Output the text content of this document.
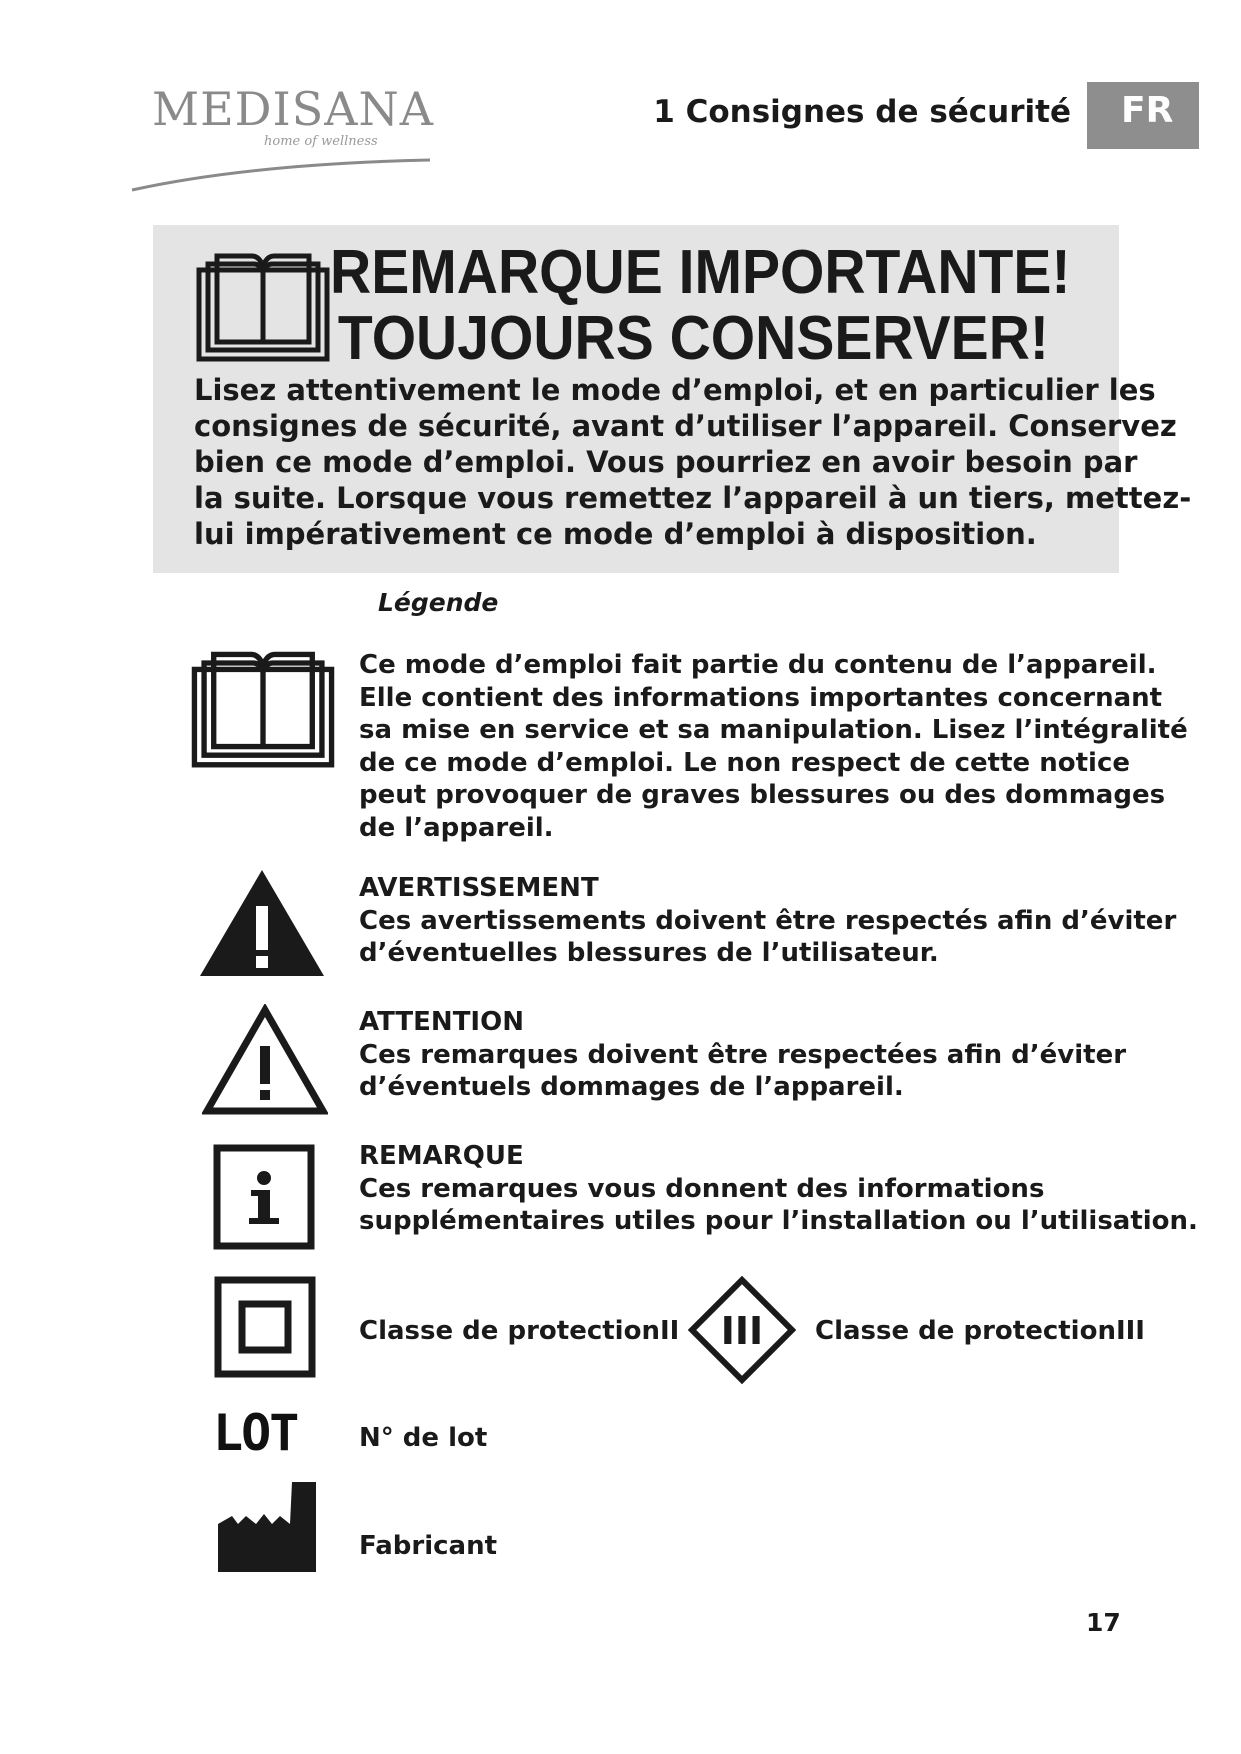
MEDISANA
home of wellness
1 Consignes de sécurité	FR
REMARQUE IMPORTANTE!
TOUJOURS CONSERVER!
Lisez attentivement le mode d’emploi, et en particulier les
consignes de sécurité, avant d’utiliser l’appareil. Conservez
bien ce mode d’emploi. Vous pourriez en avoir besoin par
la suite. Lorsque vous remettez l’appareil à un tiers, mettez-
lui impérativement ce mode d’emploi à disposition.
Légende
Ce mode d’emploi fait partie du contenu de l’appareil.
Elle contient des informations importantes concernant
sa mise en service et sa manipulation. Lisez l’intégralité
de ce mode d’emploi. Le non respect de cette notice
peut provoquer de graves blessures ou des dommages
de l’appareil.
AVERTISSEMENT
Ces avertissements doivent être respectés afin d’éviter
d’éventuelles blessures de l’utilisateur.
ATTENTION
Ces remarques doivent être respectées afin d’éviter
d’éventuels dommages de l’appareil.
REMARQUE
Ces remarques vous donnent des informations
supplémentaires utiles pour l’installation ou l’utilisation.
Classe de protectionII III Classe de protectionIII
LOT N° de lot
Fabricant
17
